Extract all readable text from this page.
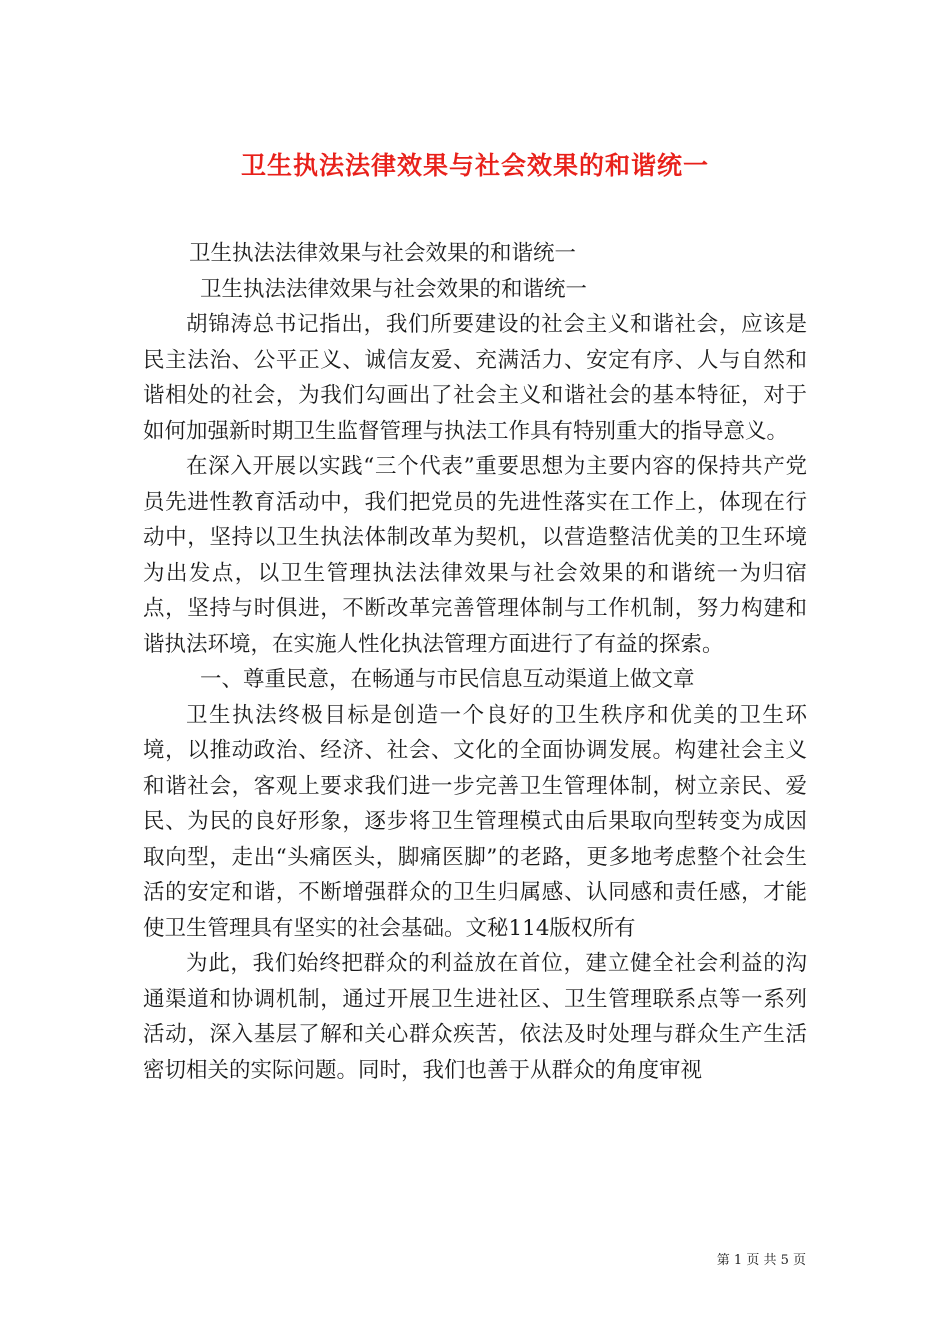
卫生执法法律效果与社会效果的和谐统一

卫生执法法律效果与社会效果的和谐统一

卫生执法法律效果与社会效果的和谐统一

胡锦涛总书记指出，我们所要建设的社会主义和谐社会，应该是民主法治、公平正义、诚信友爱、充满活力、安定有序、人与自然和谐相处的社会，为我们勾画出了社会主义和谐社会的基本特征，对于如何加强新时期卫生监督管理与执法工作具有特别重大的指导意义。

在深入开展以实践“三个代表”重要思想为主要内容的保持共产党员先进性教育活动中，我们把党员的先进性落实在工作上，体现在行动中，坚持以卫生执法体制改革为契机，以营造整洁优美的卫生环境为出发点，以卫生管理执法法律效果与社会效果的和谐统一为归宿点，坚持与时俱进，不断改革完善管理体制与工作机制，努力构建和谐执法环境，在实施人性化执法管理方面进行了有益的探索。

一、尊重民意，在畅通与市民信息互动渠道上做文章

卫生执法终极目标是创造一个良好的卫生秩序和优美的卫生环境，以推动政治、经济、社会、文化的全面协调发展。构建社会主义和谐社会，客观上要求我们进一步完善卫生管理体制，树立亲民、爱民、为民的良好形象，逐步将卫生管理模式由后果取向型转变为成因取向型，走出“头痛医头，脚痛医脚”的老路，更多地考虑整个社会生活的安定和谐，不断增强群众的卫生归属感、认同感和责任感，才能使卫生管理具有坚实的社会基础。文秘114版权所有

为此，我们始终把群众的利益放在首位，建立健全社会利益的沟通渠道和协调机制，通过开展卫生进社区、卫生管理联系点等一系列活动，深入基层了解和关心群众疾苦，依法及时处理与群众生产生活密切相关的实际问题。同时，我们也善于从群众的角度审视

第 1 页 共 5 页
